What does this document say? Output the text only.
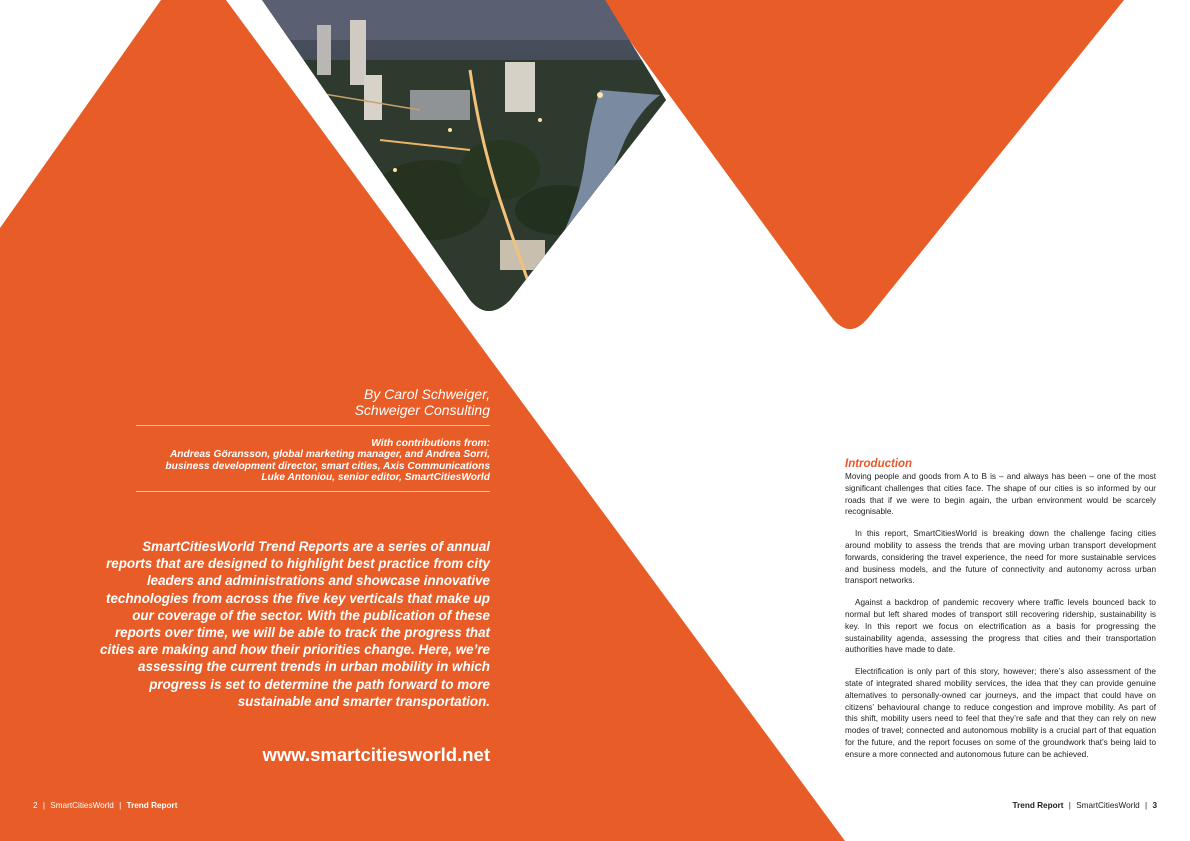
By Carol Schweiger,
Schweiger Consulting
With contributions from:
Andreas Göransson, global marketing manager, and Andrea Sorri,
business development director, smart cities, Axis Communications
Luke Antoniou, senior editor, SmartCitiesWorld
SmartCitiesWorld Trend Reports are a series of annual reports that are designed to highlight best practice from city leaders and administrations and showcase innovative technologies from across the five key verticals that make up our coverage of the sector. With the publication of these reports over time, we will be able to track the progress that cities are making and how their priorities change. Here, we’re assessing the current trends in urban mobility in which progress is set to determine the path forward to more sustainable and smarter transportation.
www.smartcitiesworld.net
2 | SmartCitiesWorld | Trend Report
Introduction

Moving people and goods from A to B is – and always has been – one of the most significant challenges that cities face. The shape of our cities is so informed by our roads that if we were to begin again, the urban environment would be scarcely recognisable.

In this report, SmartCitiesWorld is breaking down the challenge facing cities around mobility to assess the trends that are moving urban transport development forwards, considering the travel experience, the need for more sustainable services and business models, and the future of connectivity and autonomy across urban transport networks.

Against a backdrop of pandemic recovery where traffic levels bounced back to normal but left shared modes of transport still recovering ridership, sustainability is key. In this report we focus on electrification as a basis for progressing the sustainability agenda, assessing the progress that cities and their transportation authorities have made to date.

Electrification is only part of this story, however; there’s also assessment of the state of integrated shared mobility services, the idea that they can provide genuine alternatives to personally-owned car journeys, and the impact that could have on citizens’ behavioural change to reduce congestion and improve mobility. As part of this shift, mobility users need to feel that they’re safe and that they can rely on new modes of travel; connected and autonomous mobility is a crucial part of that equation for the future, and the report focuses on some of the groundwork that’s being laid to ensure a more connected and autonomous future can be achieved.

Trend Report | SmartCitiesWorld | 3
